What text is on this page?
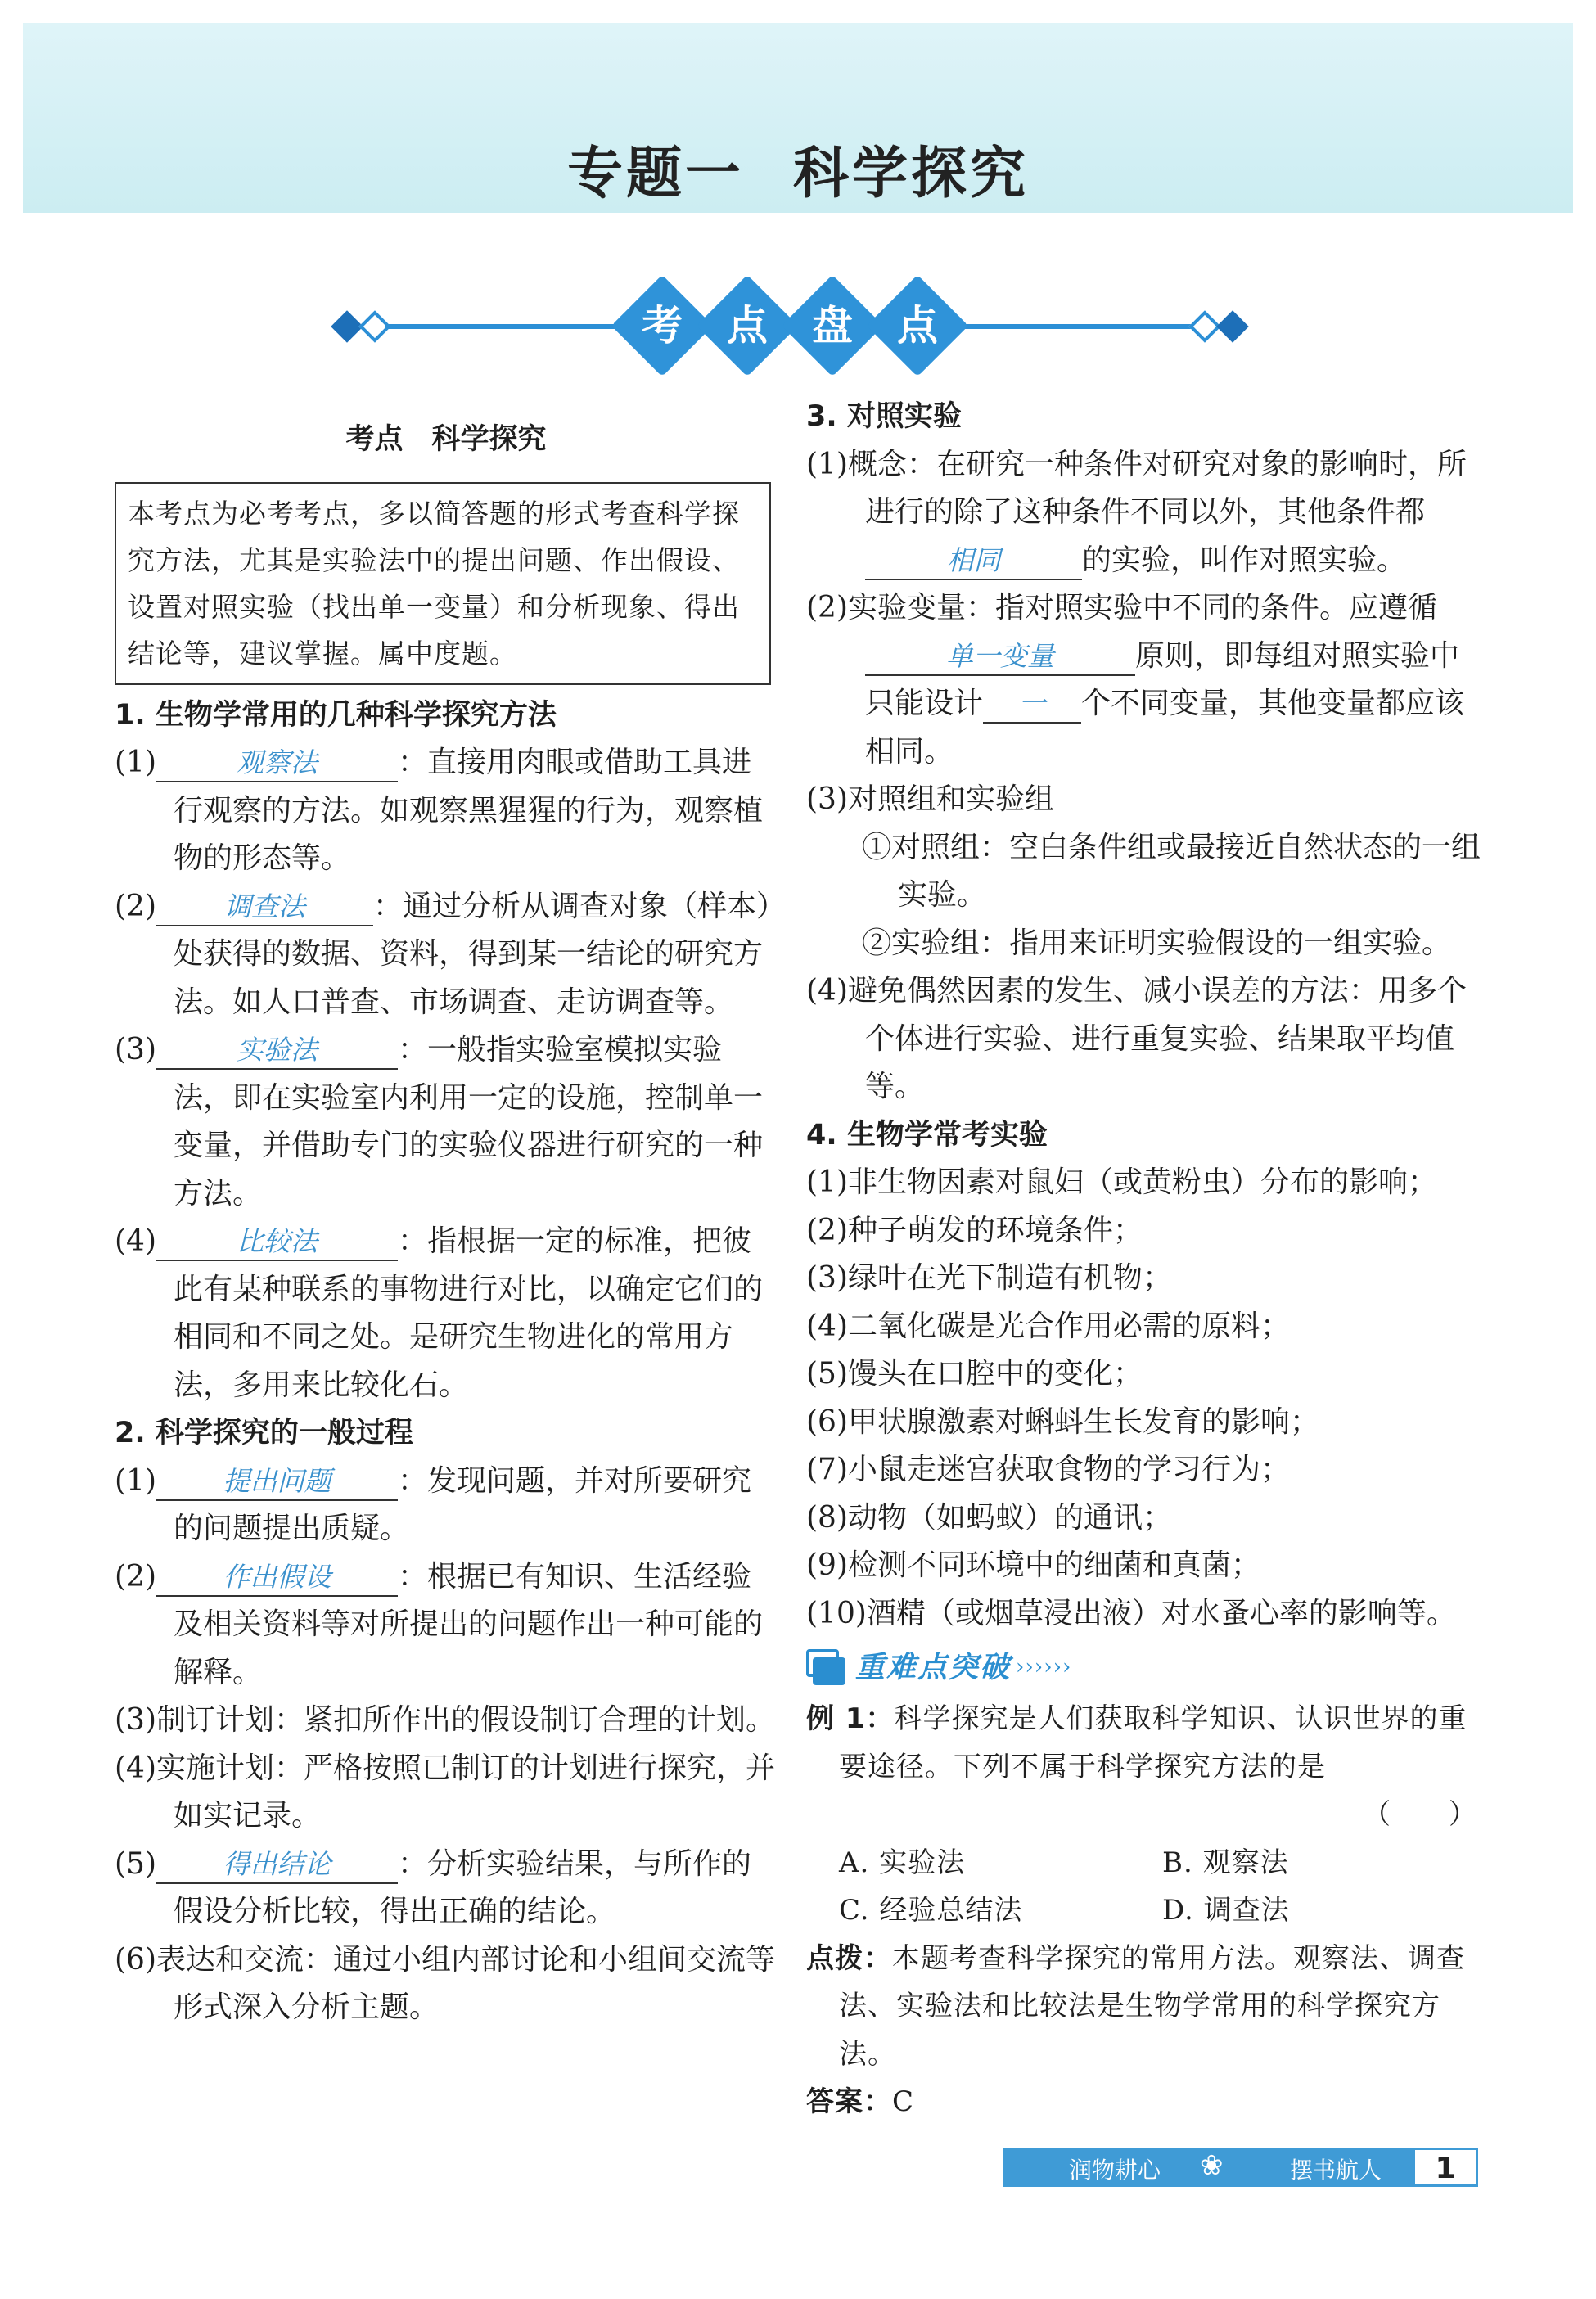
专题一 科学探究
考	点	盘	点
考点　科学探究
本考点为必考考点，多以简答题的形式考查科学探究方法，尤其是实验法中的提出问题、作出假设、设置对照实验（找出单一变量）和分析现象、得出结论等，建议掌握。属中度题。
1. 生物学常用的几种科学探究方法
(1)	观察法	：直接用肉眼或借助工具进行观察的方法。如观察黑猩猩的行为，观察植物的形态等。
(2)	调查法 ：通过分析从调查对象（样本）处获得的数据、资料，得到某一结论的研究方法。如人口普查、市场调查、走访调查等。
(3)	实验法	：一般指实验室模拟实验法，即在实验室内利用一定的设施，控制单一变量，并借助专门的实验仪器进行研究的一种方法。
(4)	比较法	：指根据一定的标准，把彼此有某种联系的事物进行对比，以确定它们的相同和不同之处。是研究生物进化的常用方法，多用来比较化石。
2. 科学探究的一般过程
(1) 提出问题 ：发现问题，并对所要研究的问题提出质疑。
(2) 作出假设 ：根据已有知识、生活经验及相关资料等对所提出的问题作出一种可能的解释。
(3)制订计划：紧扣所作出的假设制订合理的计划。
(4)实施计划：严格按照已制订的计划进行探究，并如实记录。
(5) 得出结论 ：分析实验结果，与所作的假设分析比较，得出正确的结论。
(6)表达和交流：通过小组内部讨论和小组间交流等形式深入分析主题。
3. 对照实验
(1)概念：在研究一种条件对研究对象的影响时，所进行的除了这种条件不同以外，其他条件都相同	的实验，叫作对照实验。
(2)实验变量：指对照实验中不同的条件。应遵循单一变量	原则，即每组对照实验中只能设计 一 个不同变量，其他变量都应该相同。
(3)对照组和实验组
①对照组：空白条件组或最接近自然状态的一组实验。
②实验组：指用来证明实验假设的一组实验。
(4)避免偶然因素的发生、减小误差的方法：用多个个体进行实验、进行重复实验、结果取平均值等。
4. 生物学常考实验
(1)非生物因素对鼠妇（或黄粉虫）分布的影响；
(2)种子萌发的环境条件；
(3)绿叶在光下制造有机物；
(4)二氧化碳是光合作用必需的原料；
(5)馒头在口腔中的变化；
(6)甲状腺激素对蝌蚪生长发育的影响；
(7)小鼠走迷宫获取食物的学习行为；
(8)动物（如蚂蚁）的通讯；
(9)检测不同环境中的细菌和真菌；
(10)酒精（或烟草浸出液）对水蚤心率的影响等。
重难点突破 ››››››
例 1：科学探究是人们获取科学知识、认识世界的重要途径。下列不属于科学探究方法的是
（　　）
A. 实验法	B. 观察法
C. 经验总结法	D. 调查法
点拨：本题考查科学探究的常用方法。观察法、调查法、实验法和比较法是生物学常用的科学探究方法。
答案：C
润物耕心 ❀	摆书航人	1
